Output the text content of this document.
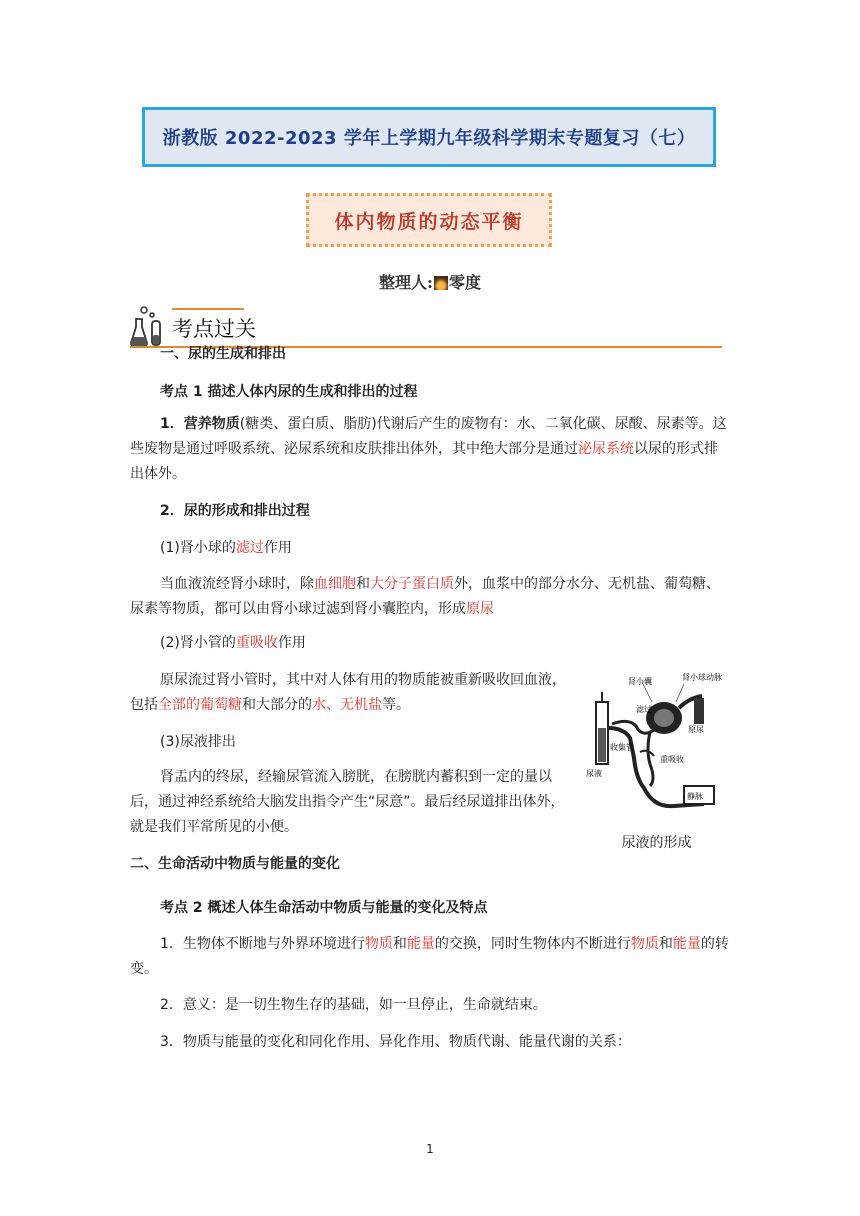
浙教版 2022-2023 学年上学期九年级科学期末专题复习（七）
体内物质的动态平衡
整理人: 零度
考点过关

一、尿的生成和排出

考点 1 描述人体内尿的生成和排出的过程

1．营养物质(糖类、蛋白质、脂肪)代谢后产生的废物有：水、二氧化碳、尿酸、尿素等。这些废物是通过呼吸系统、泌尿系统和皮肤排出体外，其中绝大部分是通过泌尿系统以尿的形式排出体外。

2．尿的形成和排出过程

(1)肾小球的滤过作用

当血液流经肾小球时，除血细胞和大分子蛋白质外，血浆中的部分水分、无机盐、葡萄糖、尿素等物质，都可以由肾小球过滤到肾小囊腔内，形成原尿

(2)肾小管的重吸收作用

原尿流过肾小管时，其中对人体有用的物质能被重新吸收回血液，包括全部的葡萄糖和大部分的水、无机盐等。

(3)尿液排出

肾盂内的终尿，经输尿管流入膀胱，在膀胱内蓄积到一定的量以后，通过神经系统给大脑发出指令产生“尿意”。最后经尿道排出体外，就是我们平常所见的小便。

肾小囊	肾小球动脉
滤过
原尿
收集管
重吸收
尿液
静脉
尿液的形成

二、生命活动中物质与能量的变化

考点 2 概述人体生命活动中物质与能量的变化及特点

1．生物体不断地与外界环境进行物质和能量的交换，同时生物体内不断进行物质和能量的转变。

2．意义：是一切生物生存的基础，如一旦停止，生命就结束。

3．物质与能量的变化和同化作用、异化作用、物质代谢、能量代谢的关系：

1
